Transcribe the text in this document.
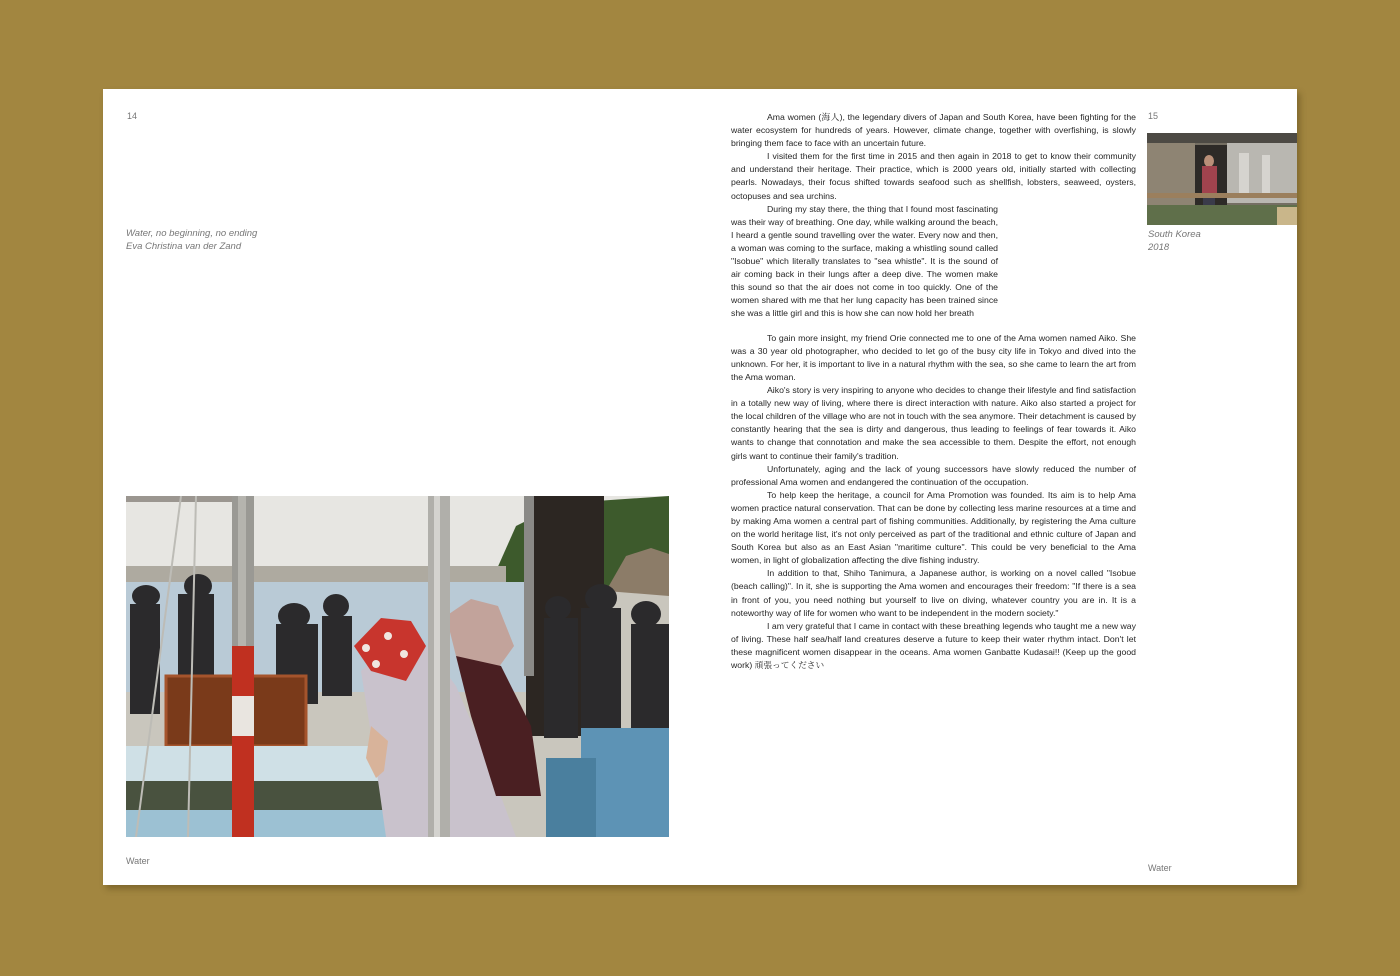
14
Water, no beginning, no ending
Eva Christina van der Zand
Water

Ama women (海人), the legendary divers of Japan and South Korea, have been fighting for the water ecosystem for hundreds of years. However, climate change, together with overfishing, is slowly bringing them face to face with an uncertain future.

I visited them for the first time in 2015 and then again in 2018 to get to know their community and understand their heritage. Their practice, which is 2000 years old, initially started with collecting pearls. Nowadays, their focus shifted towards seafood such as shellfish, lobsters, seaweed, oysters, octopuses and sea urchins.

During my stay there, the thing that I found most fascinating was their way of breathing. One day, while walking around the beach, I heard a gentle sound travelling over the water. Every now and then, a woman was coming to the surface, making a whistling sound called "Isobue" which literally translates to "sea whistle". It is the sound of air coming back in their lungs after a deep dive. The women make this sound so that the air does not come in too quickly. One of the women shared with me that her lung capacity has been trained since she was a little girl and this is how she can now hold her breath

To gain more insight, my friend Orie connected me to one of the Ama women named Aiko. She was a 30 year old photographer, who decided to let go of the busy city life in Tokyo and dived into the unknown. For her, it is important to live in a natural rhythm with the sea, so she came to learn the art from the Ama woman.

Aiko's story is very inspiring to anyone who decides to change their lifestyle and find satisfaction in a totally new way of living, where there is direct interaction with nature. Aiko also started a project for the local children of the village who are not in touch with the sea anymore. Their detachment is caused by constantly hearing that the sea is dirty and dangerous, thus leading to feelings of fear towards it. Aiko wants to change that connotation and make the sea accessible to them. Despite the effort, not enough girls want to continue their family's tradition.

Unfortunately, aging and the lack of young successors have slowly reduced the number of professional Ama women and endangered the continuation of the occupation.

To help keep the heritage, a council for Ama Promotion was founded. Its aim is to help Ama women practice natural conservation. That can be done by collecting less marine resources at a time and by making Ama women a central part of fishing communities. Additionally, by registering the Ama culture on the world heritage list, it's not only perceived as part of the traditional and ethnic culture of Japan and South Korea but also as an East Asian "maritime culture". This could be very beneficial to the Ama women, in light of globalization affecting the dive fishing industry.

In addition to that, Shiho Tanimura, a Japanese author, is working on a novel called "Isobue (beach calling)". In it, she is supporting the Ama women and encourages their freedom: "If there is a sea in front of you, you need nothing but yourself to live on diving, whatever country you are in. It is a noteworthy way of life for women who want to be independent in the modern society."

I am very grateful that I came in contact with these breathing legends who taught me a new way of living. These half sea/half land creatures deserve a future to keep their water rhythm intact. Don't let these magnificent women disappear in the oceans. Ama women Ganbatte Kudasai!! (Keep up the good work) 頑張ってください

15
South Korea
2018
Water
